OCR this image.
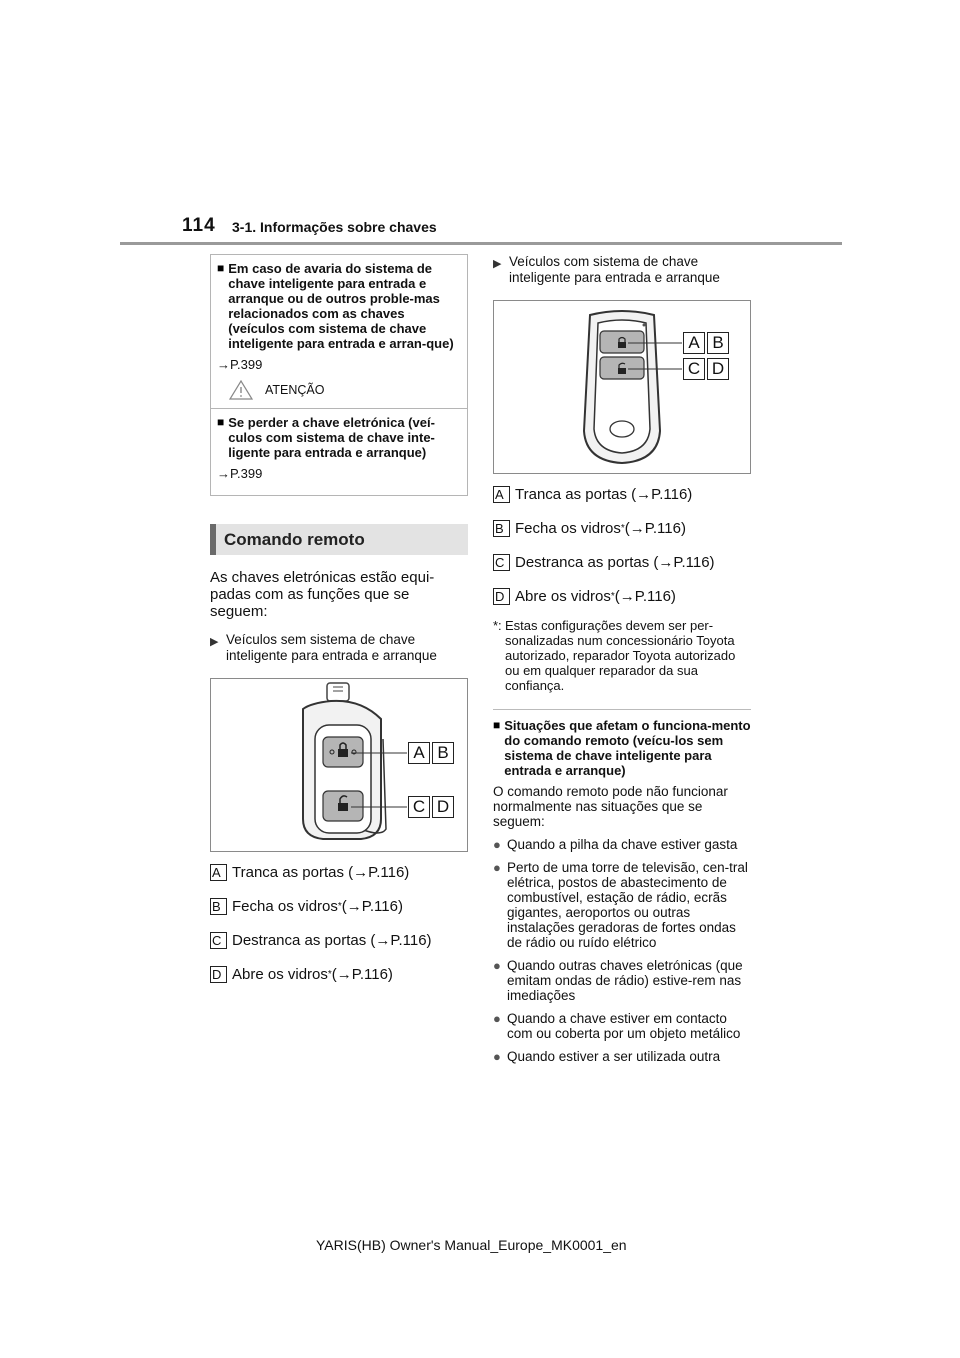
114 3-1. Informações sobre chaves
■ Em caso de avaria do sistema de chave inteligente para entrada e arranque ou de outros proble-mas relacionados com as chaves (veículos com sistema de chave inteligente para entrada e arran-que)
→P.399
ATENÇÃO
■ Se perder a chave eletrónica (veí-culos com sistema de chave inte-ligente para entrada e arranque)
→P.399
Comando remoto
As chaves eletrónicas estão equi-padas com as funções que se seguem:
▶ Veículos sem sistema de chave inteligente para entrada e arranque
A B
C D
A Tranca as portas (→P.116)
B Fecha os vidros * (→P.116)
C Destranca as portas (→P.116)
D Abre os vidros * (→P.116)
▶ Veículos com sistema de chave inteligente para entrada e arranque
A B
C D
A Tranca as portas (→P.116)
B Fecha os vidros * (→P.116)
C Destranca as portas (→P.116)
D Abre os vidros * (→P.116)
*: Estas configurações devem ser per-sonalizadas num concessionário Toyota autorizado, reparador Toyota autorizado ou em qualquer reparador da sua confiança.
■ Situações que afetam o funciona-mento do comando remoto (veícu-los sem sistema de chave inteligente para entrada e arranque)
O comando remoto pode não funcionar normalmente nas situações que se seguem:
● Quando a pilha da chave estiver gasta
● Perto de uma torre de televisão, cen-tral elétrica, postos de abastecimento de combustível, estação de rádio, ecrãs gigantes, aeroportos ou outras instalações geradoras de fortes ondas de rádio ou ruído elétrico
● Quando outras chaves eletrónicas (que emitam ondas de rádio) estive-rem nas imediações
● Quando a chave estiver em contacto com ou coberta por um objeto metálico
● Quando estiver a ser utilizada outra
YARIS(HB) Owner's Manual_Europe_MK0001_en
